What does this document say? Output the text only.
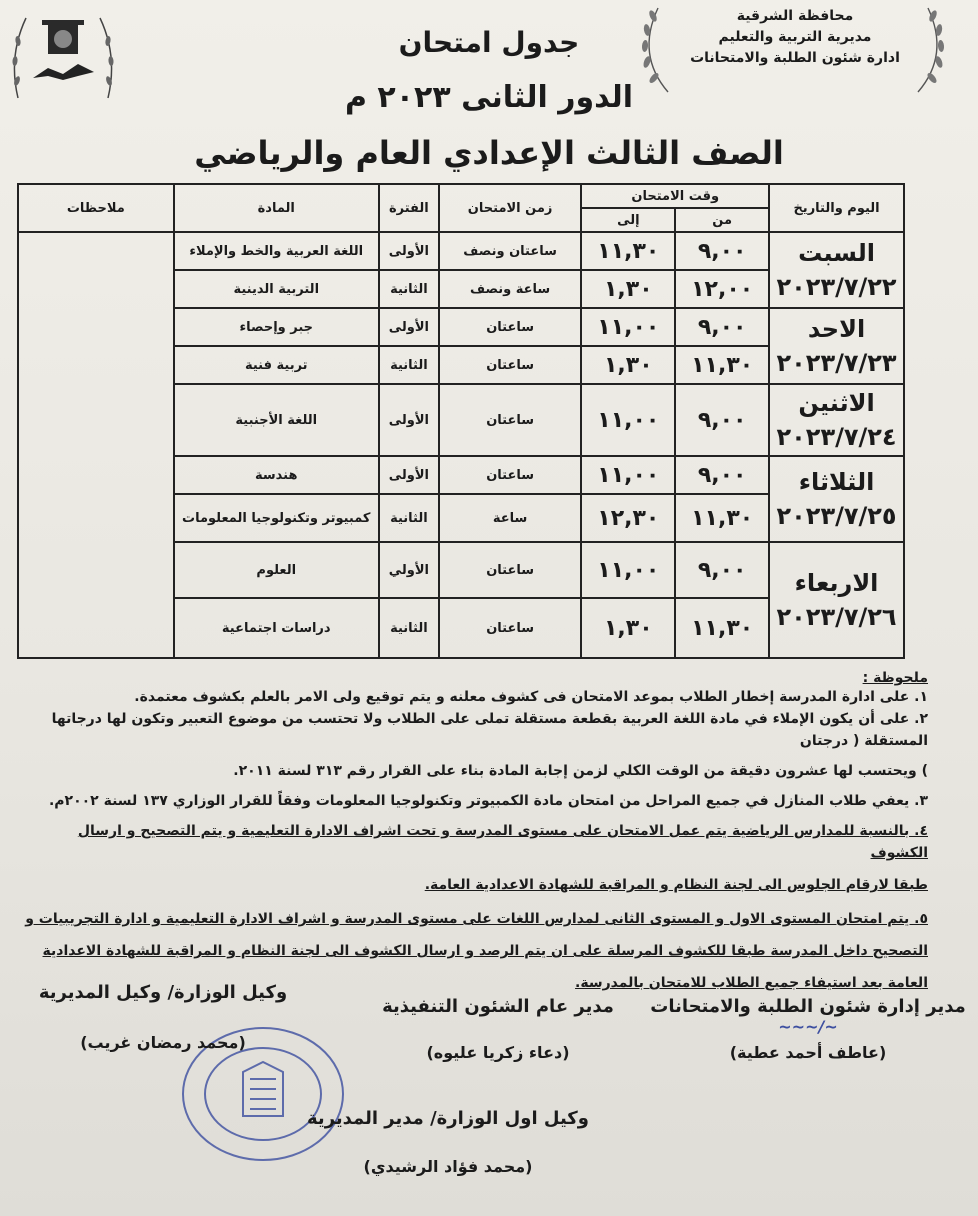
محافظة الشرقية
مديرية التربية والتعليم
ادارة شئون الطلبة والامتحانات
جدول امتحان
الدور الثانى ٢٠٢٣ م
الصف الثالث الإعدادي العام والرياضي
اليوم والتاريخ	وقت الامتحان		زمن الامتحان	الفترة	المادة	ملاحظات
	من	إلى				

السبت
٢٠٢٣/٧/٢٢	٩,٠٠	١١,٣٠	ساعتان ونصف	الأولى	اللغة العربية والخط والإملاء	
	١٢,٠٠	١,٣٠	ساعة ونصف	الثانية	التربية الدينية	

الاحد
٢٠٢٣/٧/٢٣	٩,٠٠	١١,٠٠	ساعتان	الأولى	جبر وإحصاء	
	١١,٣٠	١,٣٠	ساعتان	الثانية	تربية فنية	

الاثنين
٢٠٢٣/٧/٢٤	٩,٠٠	١١,٠٠	ساعتان	الأولى	اللغة الأجنبية	

الثلاثاء
٢٠٢٣/٧/٢٥	٩,٠٠	١١,٠٠	ساعتان	الأولى	هندسة	
	١١,٣٠	١٢,٣٠	ساعة	الثانية	كمبيوتر وتكنولوجيا المعلومات	

الاربعاء
٢٠٢٣/٧/٢٦	٩,٠٠	١١,٠٠	ساعتان	الأولي	العلوم	
	١١,٣٠	١,٣٠	ساعتان	الثانية	دراسات اجتماعية	
ملحوظة :

١. على ادارة المدرسة إخطار الطلاب بموعد الامتحان فى كشوف معلنه و يتم توقيع ولى الامر بالعلم بكشوف معتمدة.

٢. على أن يكون الإملاء في مادة اللغة العربية بقطعة مستقلة تملى على الطلاب ولا تحتسب من موضوع التعبير وتكون لها درجاتها المستقلة ( درجتان

) ويحتسب لها عشرون دقيقة من الوقت الكلي لزمن إجابة المادة بناء على القرار رقم ٣١٣ لسنة ٢٠١١.

٣. يعفي طلاب المنازل في جميع المراحل من امتحان مادة الكمبيوتر وتكنولوجيا المعلومات وفقاً للقرار الوزاري ١٣٧ لسنة ٢٠٠٢م.

٤. بالنسبة للمدارس الرياضية يتم عمل الامتحان على مستوى المدرسة و تحت اشراف الادارة التعليمية و يتم التصحيح و ارسال الكشوف

طبقا لارقام الجلوس الى لجنة النظام و المراقبة للشهادة الاعدادية العامة.

٥. يتم امتحان المستوى الاول و المستوى الثانى لمدارس اللغات على مستوى المدرسة و اشراف الادارة التعليمية و ادارة التجريبيات و

التصحيح داخل المدرسة طبقا للكشوف المرسلة على ان يتم الرصد و ارسال الكشوف الى لجنة النظام و المراقبة للشهادة الاعدادية

العامة بعد استيفاء جميع الطلاب للامتحان بالمدرسة.

مدير إدارة شئون الطلبة والامتحانات
~/~~~
(عاطف أحمد عطية)
مدير عام الشئون التنفيذية
(دعاء زكريا عليوه)
وكيل الوزارة/ وكيل المديرية
(محمد رمضان غريب)
وكيل اول الوزارة/ مدير المديرية
(محمد فؤاد الرشيدي)
